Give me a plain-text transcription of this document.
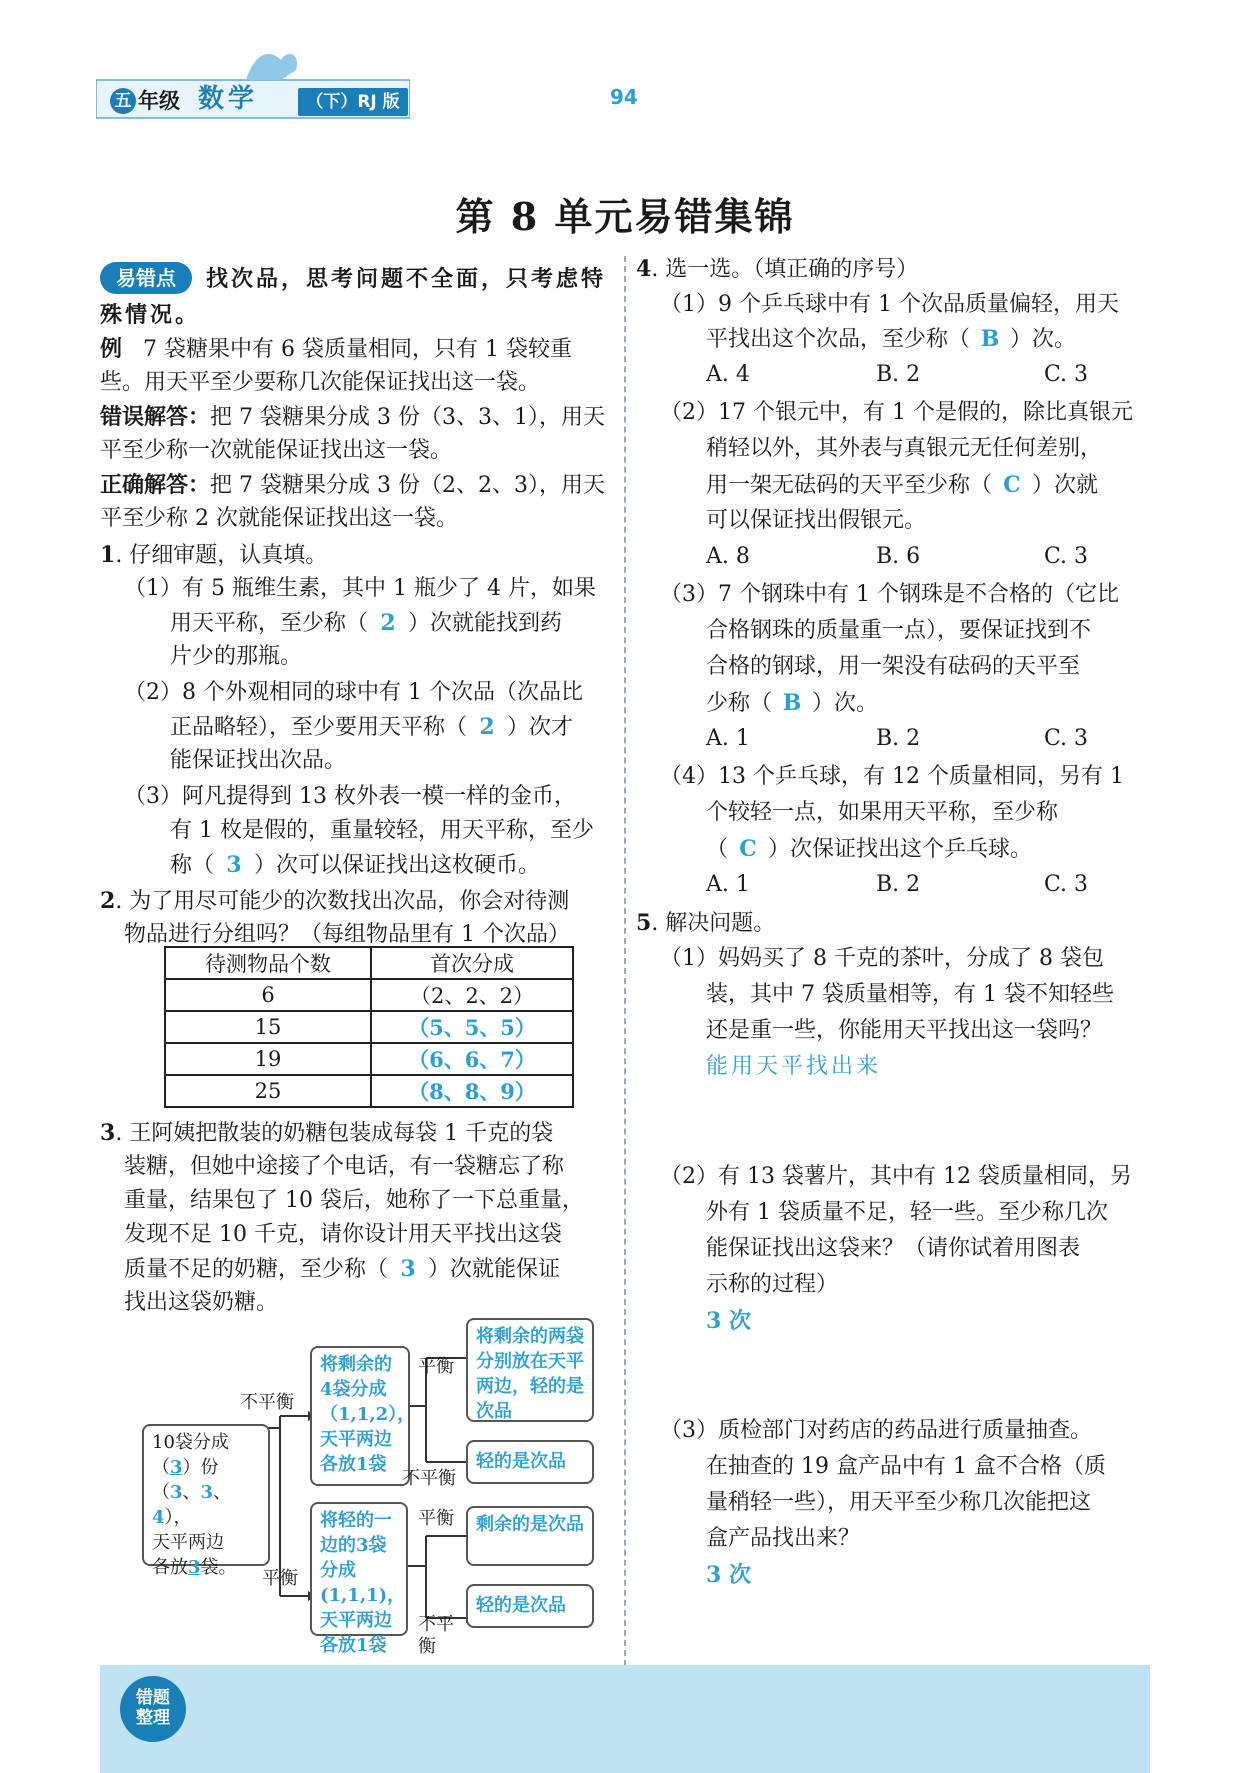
五 年级 数学	（下）RJ 版	94
第 8 单元易错集锦
易错点	找次品，思考问题不全面，只考虑特
殊情况。
例 7 袋糖果中有 6 袋质量相同，只有 1 袋较重
些。用天平至少要称几次能保证找出这一袋。
错误解答：把 7 袋糖果分成 3 份（3、3、1），用天
平至少称一次就能保证找出这一袋。
正确解答：把 7 袋糖果分成 3 份（2、2、3），用天
平至少称 2 次就能保证找出这一袋。
1. 仔细审题，认真填。
（1）有 5 瓶维生素，其中 1 瓶少了 4 片，如果
用天平称，至少称（ 2 ）次就能找到药
片少的那瓶。
（2）8 个外观相同的球中有 1 个次品（次品比
正品略轻），至少要用天平称（ 2 ）次才
能保证找出次品。
（3）阿凡提得到 13 枚外表一模一样的金币，
有 1 枚是假的，重量较轻，用天平称，至少
称（ 3 ）次可以保证找出这枚硬币。
2. 为了用尽可能少的次数找出次品，你会对待测
物品进行分组吗？（每组物品里有 1 个次品）
待测物品个数	首次分成
6	（2、2、2）
15	（5、5、5）
19	（6、6、7）
25	（8、8、9）
3. 王阿姨把散装的奶糖包装成每袋 1 千克的袋
装糖，但她中途接了个电话，有一袋糖忘了称
重量，结果包了 10 袋后，她称了一下总重量，
发现不足 10 千克，请你设计用天平找出这袋
质量不足的奶糖，至少称（ 3 ）次就能保证
找出这袋奶糖。
10袋分成
（3）份
（3、3、4），
天平两边
各放3袋。
不平衡
平衡
将剩余的4袋分成（1,1,2），天平两边各放1袋
将轻的一边的3袋分成(1,1,1)，天平两边各放1袋
平衡
不平衡
平衡
不平
衡
将剩余的两袋分别放在天平两边，轻的是次品
轻的是次品
剩余的是次品
轻的是次品
4. 选一选。（填正确的序号）
（1）9 个乒乓球中有 1 个次品质量偏轻，用天
平找出这个次品，至少称（ B ）次。
A. 4	B. 2	C. 3
（2）17 个银元中，有 1 个是假的，除比真银元
稍轻以外，其外表与真银元无任何差别，
用一架无砝码的天平至少称（ C ）次就
可以保证找出假银元。
A. 8	B. 6	C. 3
（3）7 个钢珠中有 1 个钢珠是不合格的（它比
合格钢珠的质量重一点），要保证找到不
合格的钢球，用一架没有砝码的天平至
少称（ B ）次。
A. 1	B. 2	C. 3
（4）13 个乒乓球，有 12 个质量相同，另有 1
个较轻一点，如果用天平称，至少称
（ C ）次保证找出这个乒乓球。
A. 1	B. 2	C. 3
5. 解决问题。
（1）妈妈买了 8 千克的茶叶，分成了 8 袋包
装，其中 7 袋质量相等，有 1 袋不知轻些
还是重一些，你能用天平找出这一袋吗？
能用天平找出来
（2）有 13 袋薯片，其中有 12 袋质量相同，另
外有 1 袋质量不足，轻一些。至少称几次
能保证找出这袋来？（请你试着用图表
示称的过程）
3 次
（3）质检部门对药店的药品进行质量抽查。
在抽查的 19 盒产品中有 1 盒不合格（质
量稍轻一些），用天平至少称几次能把这
盒产品找出来？
3 次
错题
整理
